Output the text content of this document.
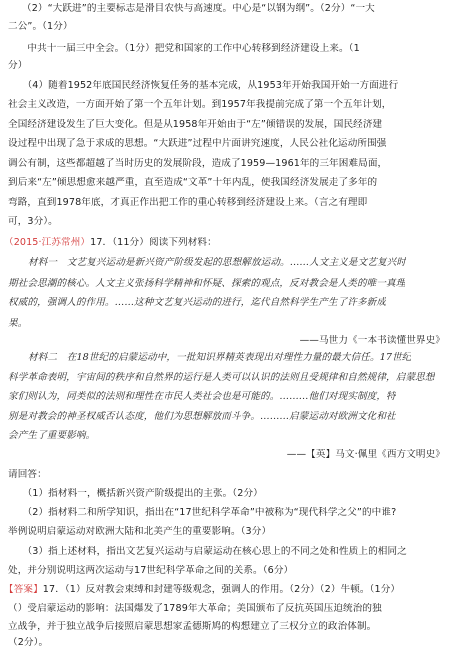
（2）“大跃进”的主要标志是滑目农快与高速度。中心是“以钢为纲”。（2分）“一大
二公”。（1分）
　　中共十一届三中全会。（1分）把党和国家的工作中心转移到经济建设上来。（1
分）
　　（4）随着1952年底国民经济恢复任务的基本完成，从1953年开始我国开始一方面进行
社会主义改造，一方面开始了第一个五年计划。到1957年我提前完成了第一个五年计划，
全国经济建设发生了巨大变化。但是从1958年开始由于“左”倾错误的发展，国民经济建
设过程中出现了急于求成的思想。“大跃进”过程中片面讲究速度，人民公社化运动所围强
调公有制，这些都超越了当时历史的发展阶段，造成了1959—1961年的三年困难局面，
到后来“左”倾思想愈来越严重，直至造成“文革”十年内乱，使我国经济发展走了多年的
弯路，直到1978年底，才真正作出把工作的重心转移到经济建设上来。（言之有理即
可，3分）。
（2015·江苏常州）17．（11分）阅读下列材料：
材料一　文艺复兴运动是新兴资产阶级发起的思想解放运动。……人文主义是文艺复兴时
期社会思潮的核心。人文主义张扬科学精神和怀疑、探索的观点，反对教会是人类的唯一真理
权威的，强调人的作用。……这种文艺复兴运动的进行，迄代自然科学生产生了许多新成
果。
——马世力《一本书读懂世界史》
材料二　在18世纪的启蒙运动中，一批知识界精英表现出对理性力量的最大信任。17世纪
科学革命表明，宇宙间的秩序和自然界的运行是人类可以认识的法则且受规律和自然规律，启蒙思想
家们则认为，同类似的法则和理性在市民人类社会也是可能的。………他们对现实制度，特
别是对教会的神圣权威否认态度，他们为思想解放而斗争。………启蒙运动对欧洲文化和社
会产生了重要影响。
——【英】马文·佩里《西方文明史》
请回答：
　　（1）指材料一，概括新兴资产阶级提出的主张。（2分）
　　（2）指材料二和所学知识，指出在“17世纪科学革命”中被称为“现代科学之父”的中谁?
举例说明启蒙运动对欧洲大陆和北美产生的重要影响。（3分）
　　（3）指上述材料，指出文艺复兴运动与启蒙运动在核心思上的不同之处和性质上的相同之
处，并分别说明这两次运动与17世纪科学革命之间的关系。（6分）
【答案】17．（1）反对教会束缚和封建等级观念，强调人的作用。（2分）（2）牛顿。（1分）
（）受启蒙运动的影响：法国爆发了1789年大革命；美国颁布了反抗英国压迫统治的独
立战争，并于独立战争后接照启蒙思想家孟德斯鸠的构想建立了三权分立的政治体制。
（2分）。
